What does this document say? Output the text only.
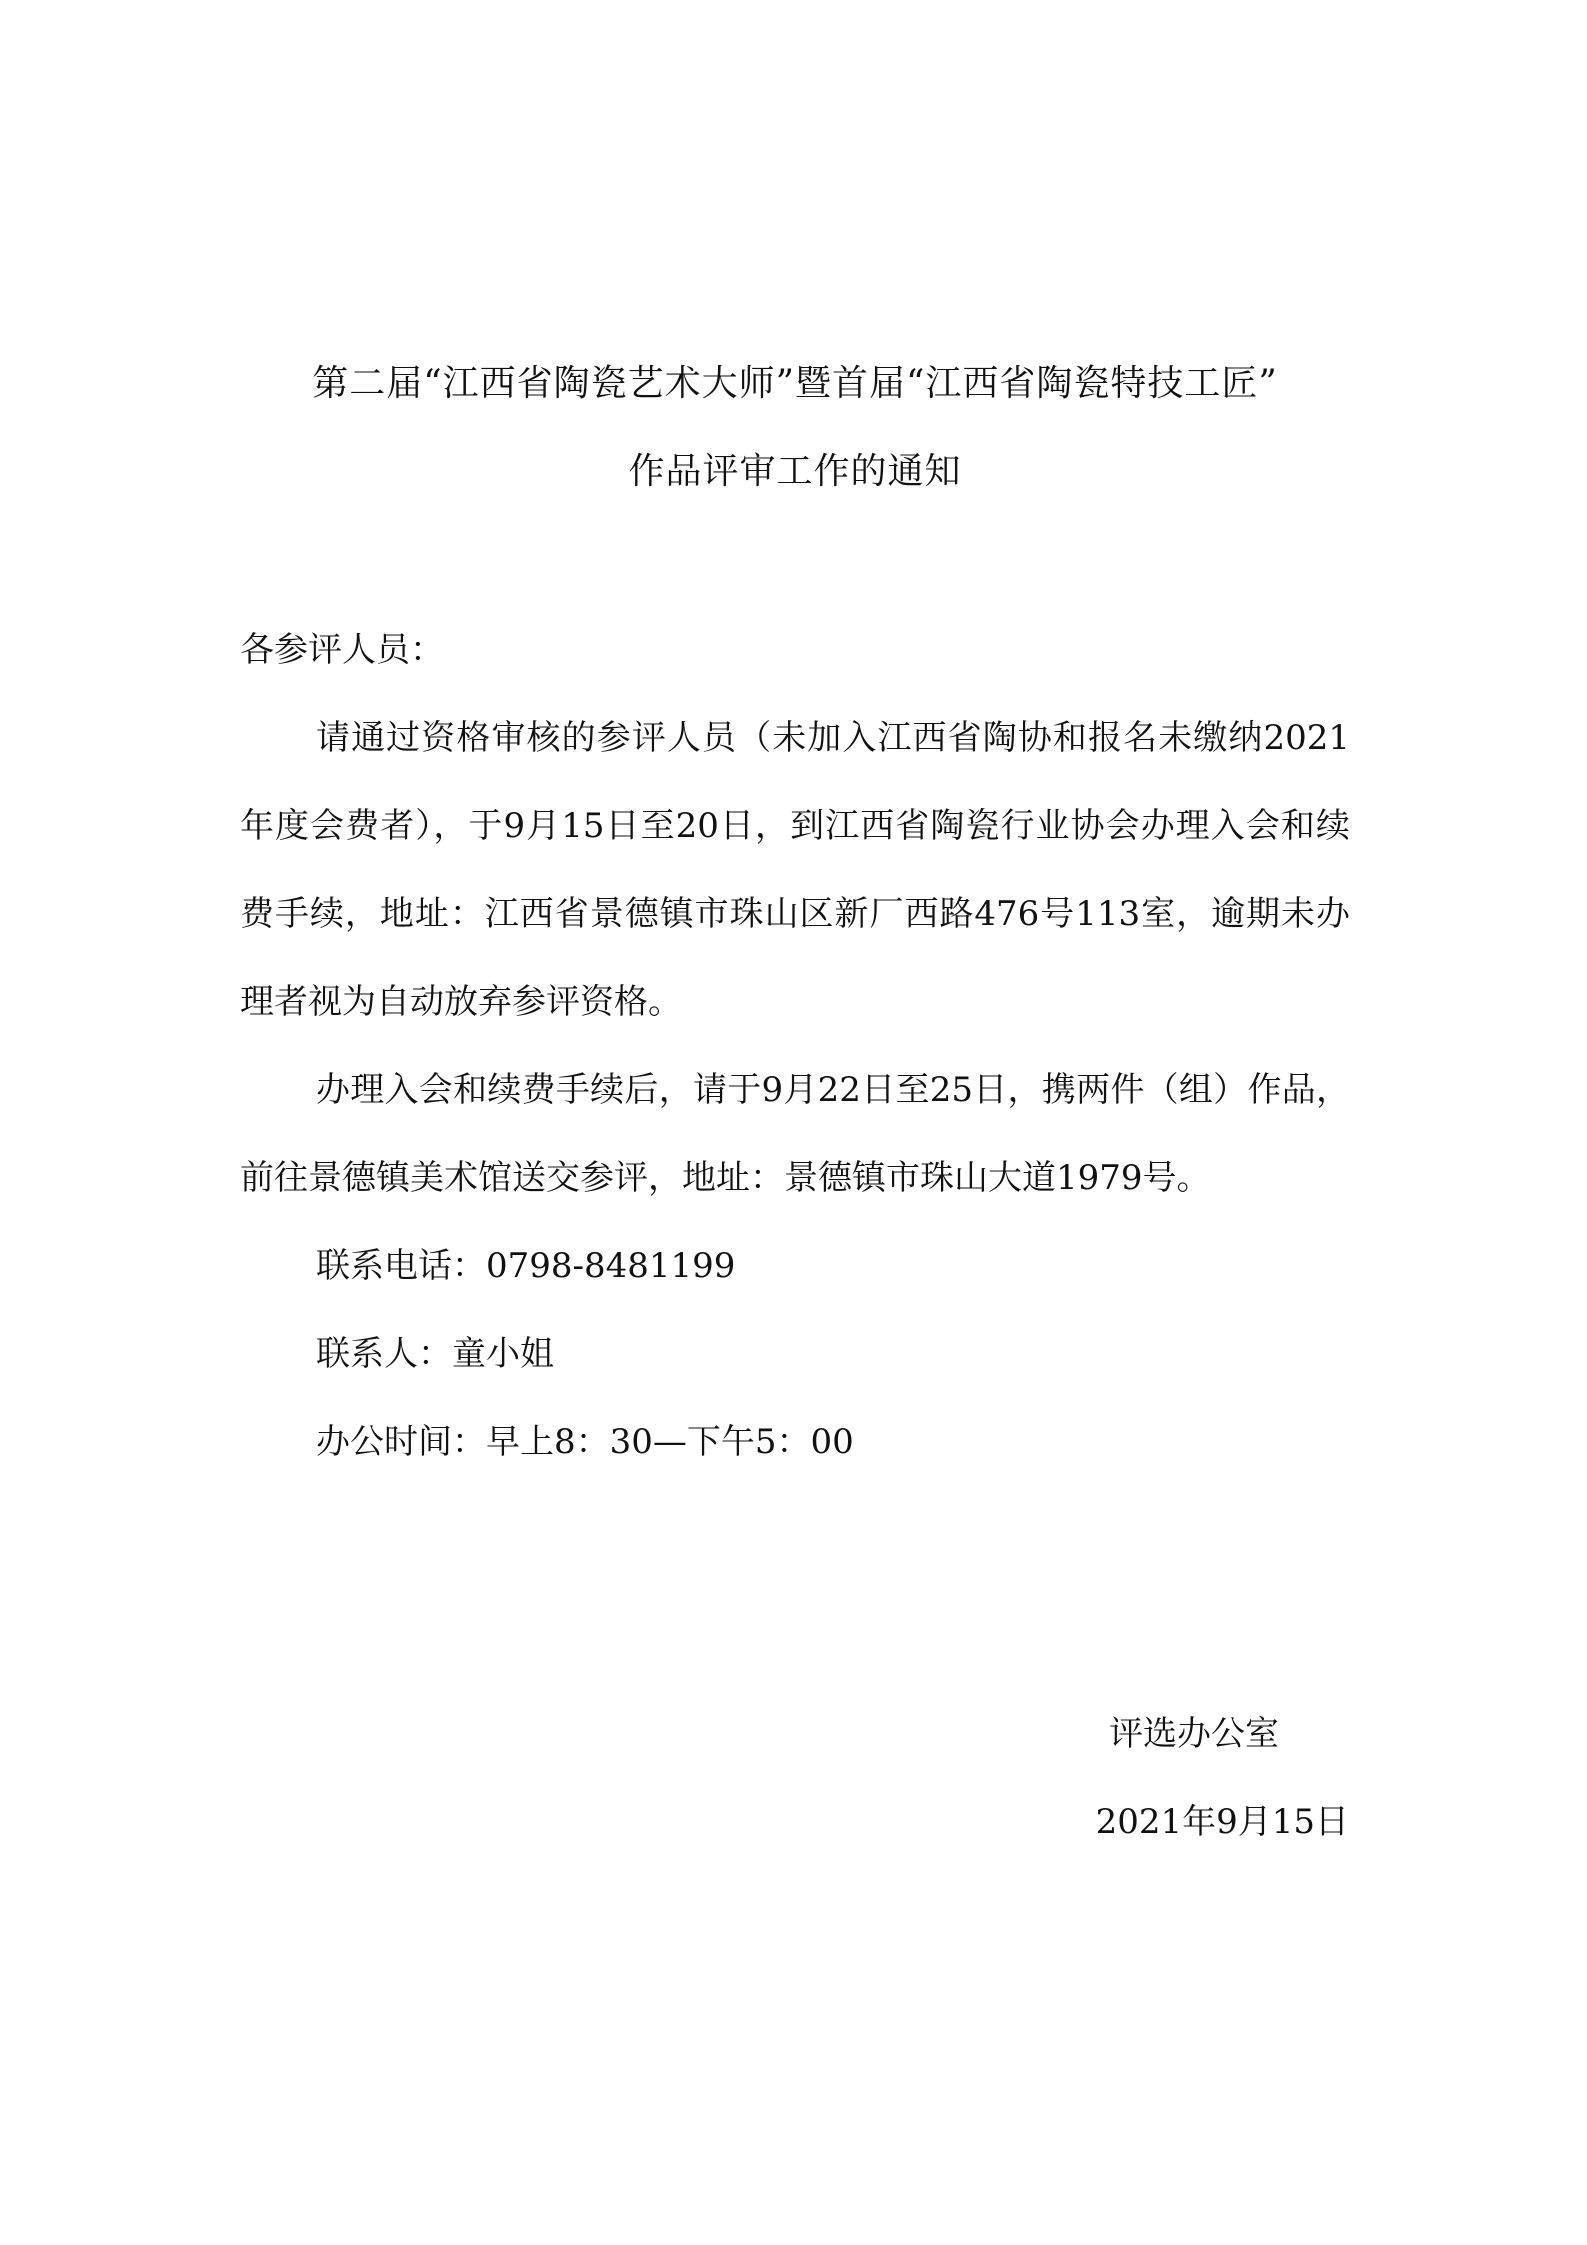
第二届“江西省陶瓷艺术大师”暨首届“江西省陶瓷特技工匠”
作品评审工作的通知
各参评人员：

请通过资格审核的参评人员（未加入江西省陶协和报名未缴纳2021年度会费者），于9月15日至20日，到江西省陶瓷行业协会办理入会和续费手续，地址：江西省景德镇市珠山区新厂西路476号113室，逾期未办理者视为自动放弃参评资格。

办理入会和续费手续后，请于9月22日至25日，携两件（组）作品，前往景德镇美术馆送交参评，地址：景德镇市珠山大道1979号。

联系电话：0798-8481199

联系人：童小姐

办公时间：早上8：30—下午5：00

评选办公室
2021年9月15日
